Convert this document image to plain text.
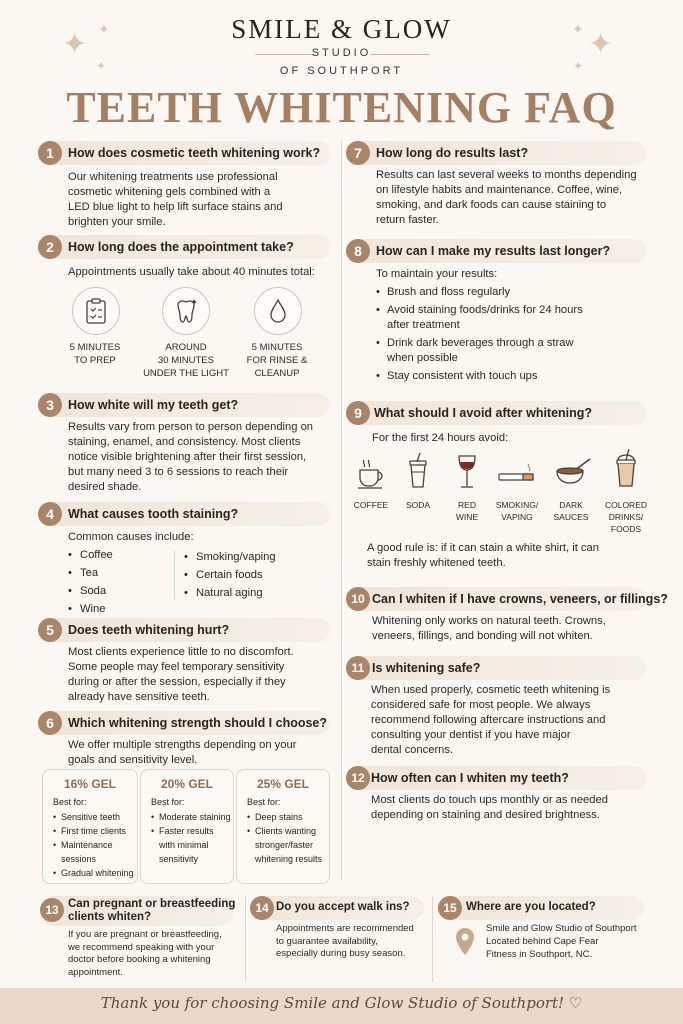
✦ ✦
✦
✦
✦
✦
SMILE & GLOW
STUDIO
OF SOUTHPORT
TEETH WHITENING FAQ
1	How does cosmetic teeth whitening work?
Our whitening treatments use professional
cosmetic whitening gels combined with a
LED blue light to help lift surface stains and
brighten your smile.
2	How long does the appointment take?
Appointments usually take about 40 minutes total:
5 MINUTES
TO PREP
AROUND
30 MINUTES
UNDER THE LIGHT
5 MINUTES
FOR RINSE &
CLEANUP
3	How white will my teeth get?
Results vary from person to person depending on
staining, enamel, and consistency. Most clients
notice visible brightening after their first session,
but many need 3 to 6 sessions to reach their
desired shade.
4	What causes tooth staining?
Common causes include:
• Coffee
• Tea
• Soda
• Wine
• Smoking/vaping
• Certain foods
• Natural aging
5	Does teeth whitening hurt?
Most clients experience little to no discomfort.
Some people may feel temporary sensitivity
during or after the session, especially if they
already have sensitive teeth.
6	Which whitening strength should I choose?
We offer multiple strengths depending on your
goals and sensitivity level.
16% GEL
Best for:
• Sensitive teeth
• First time clients
• Maintenance
sessions
• Gradual whitening
20% GEL
Best for:
• Moderate staining
• Faster results
with minimal
sensitivity
25% GEL
Best for:
• Deep stains
• Clients wanting
stronger/faster
whitening results
7	How long do results last?
Results can last several weeks to months depending
on lifestyle habits and maintenance. Coffee, wine,
smoking, and dark foods can cause staining to
return faster.
8	How can I make my results last longer?
To maintain your results:
• Brush and floss regularly
• Avoid staining foods/drinks for 24 hours
after treatment
• Drink dark beverages through a straw
when possible
• Stay consistent with touch ups
9 What should I avoid after whitening?
For the first 24 hours avoid:
COFFEE	SODA	RED
WINE
SMOKING/
VAPING
DARK
SAUCES
COLORED
DRINKS/
FOODS
A good rule is: if it can stain a white shirt, it can
stain freshly whitened teeth.
10 Can I whiten if I have crowns, veneers, or fillings?
Whitening only works on natural teeth. Crowns,
veneers, fillings, and bonding will not whiten.
11 Is whitening safe?
When used properly, cosmetic teeth whitening is
considered safe for most people. We always
recommend following aftercare instructions and
consulting your dentist if you have major
dental concerns.
12 How often can I whiten my teeth?
Most clients do touch ups monthly or as needed
depending on staining and desired brightness.
13 Can pregnant or breastfeeding
clients whiten?
If you are pregnant or breastfeeding,
we recommend speaking with your
doctor before booking a whitening
appointment.
14 Do you accept walk ins?
Appointments are recommended
to guarantee availability,
especially during busy season.
15 Where are you located?
Smile and Glow Studio of Southport
Located behind Cape Fear
Fitness in Southport, NC.
Thank you for choosing Smile and Glow Studio of Southport! ♡
